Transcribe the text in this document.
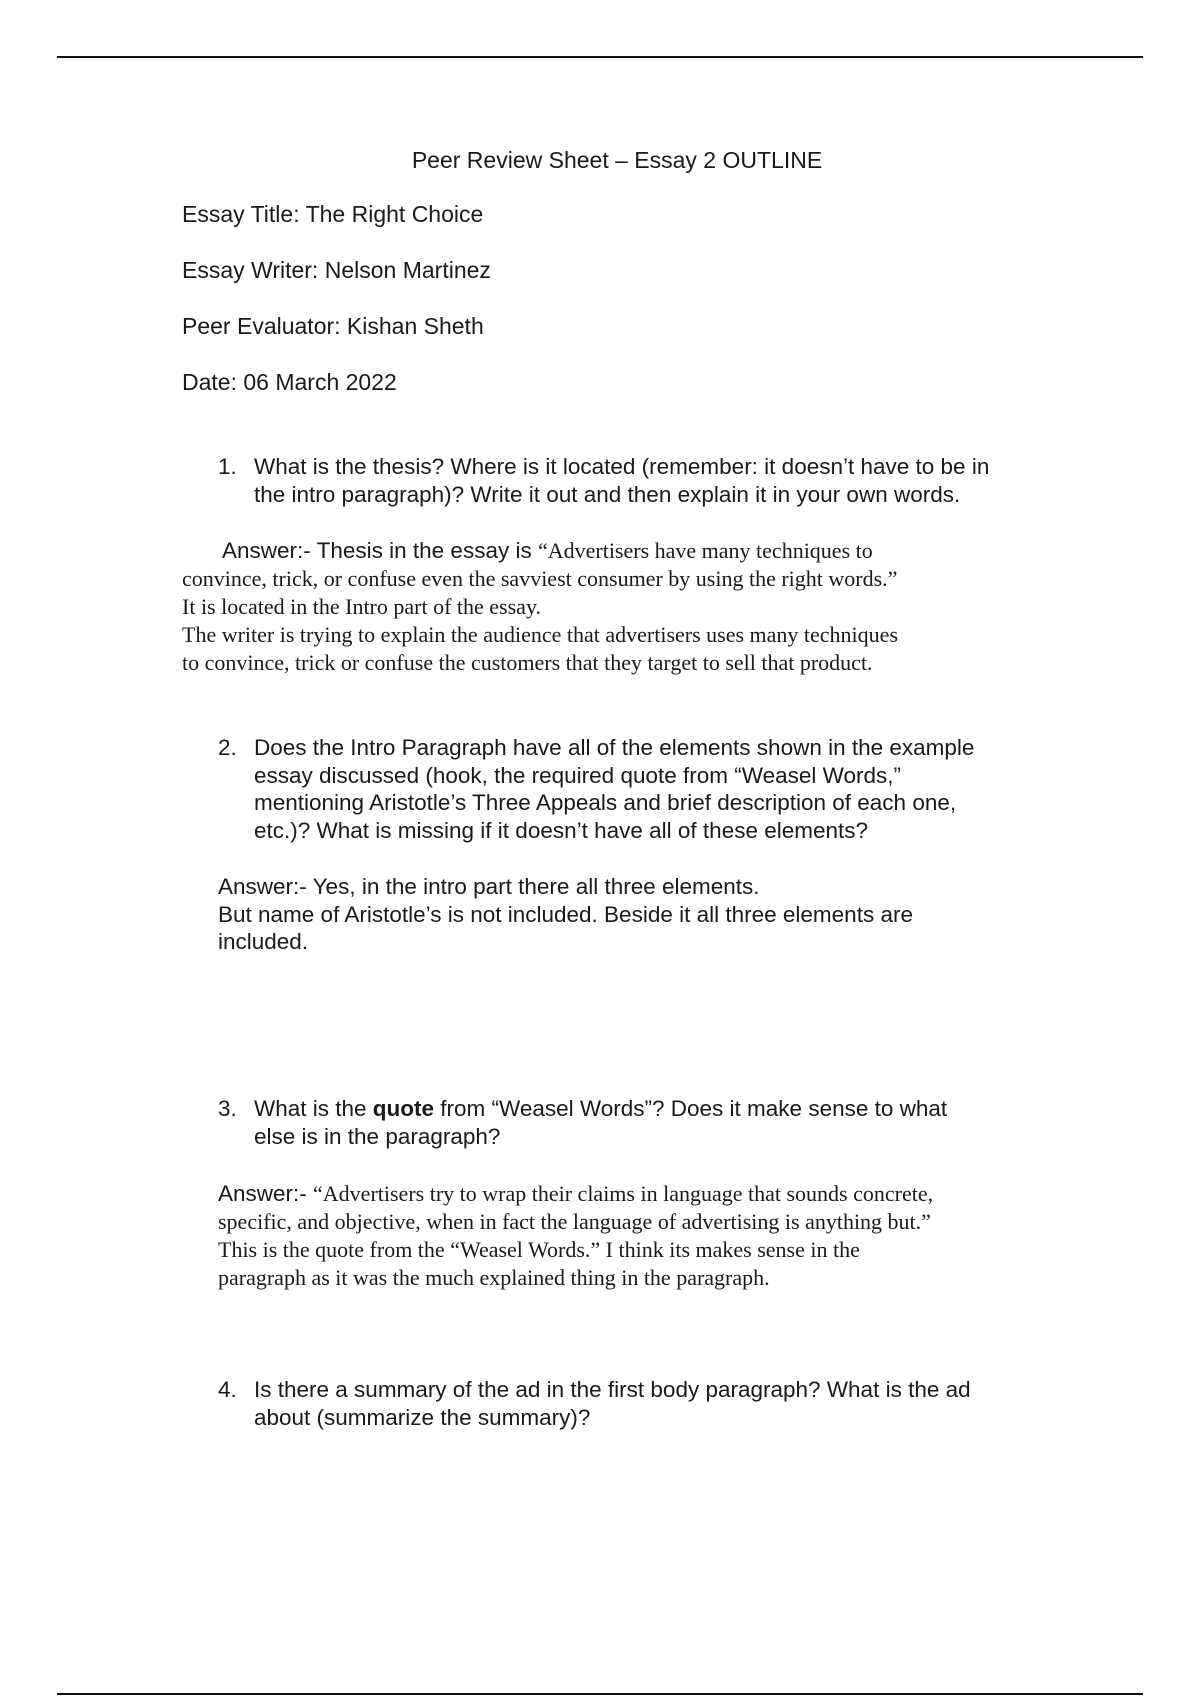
Peer Review Sheet – Essay 2 OUTLINE
Essay Title: The Right Choice
Essay Writer: Nelson Martinez
Peer Evaluator: Kishan Sheth
Date: 06 March 2022
1. What is the thesis? Where is it located (remember: it doesn’t have to be in
the intro paragraph)? Write it out and then explain it in your own words.
Answer:- Thesis in the essay is “Advertisers have many techniques to
convince, trick, or confuse even the savviest consumer by using the right words.”
It is located in the Intro part of the essay.
The writer is trying to explain the audience that advertisers uses many techniques
to convince, trick or confuse the customers that they target to sell that product.
2. Does the Intro Paragraph have all of the elements shown in the example
essay discussed (hook, the required quote from “Weasel Words,”
mentioning Aristotle’s Three Appeals and brief description of each one,
etc.)? What is missing if it doesn’t have all of these elements?
Answer:- Yes, in the intro part there all three elements.
But name of Aristotle’s is not included. Beside it all three elements are
included.
3. What is the quote from “Weasel Words”? Does it make sense to what
else is in the paragraph?
Answer:- “Advertisers try to wrap their claims in language that sounds concrete,
specific, and objective, when in fact the language of advertising is anything but.”
This is the quote from the “Weasel Words.” I think its makes sense in the
paragraph as it was the much explained thing in the paragraph.
4. Is there a summary of the ad in the first body paragraph? What is the ad
about (summarize the summary)?
